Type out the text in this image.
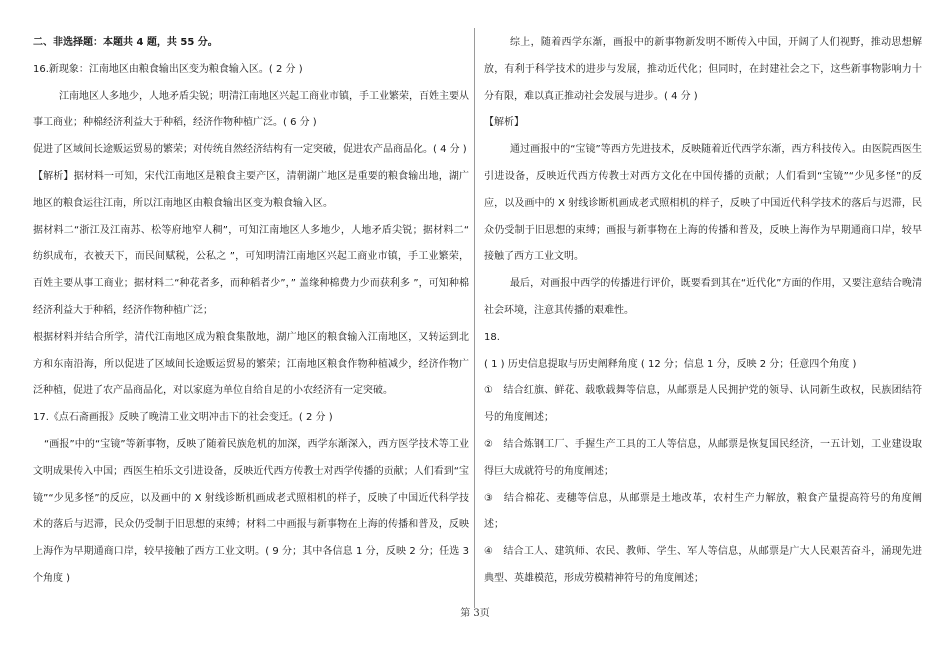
二、非选择题：本题共 4 题，共 55 分。

16.新现象：江南地区由粮食输出区变为粮食输入区。( 2 分 )

江南地区人多地少，人地矛盾尖锐；明清江南地区兴起工商业市镇，手工业繁荣，百姓主要从事工商业；种棉经济利益大于种稻，经济作物种植广泛。( 6 分 )

促进了区域间长途贩运贸易的繁荣；对传统自然经济结构有一定突破，促进农产品商品化。( 4 分 )

【解析】据材料一可知，宋代江南地区是粮食主要产区，清朝湖广地区是重要的粮食输出地，湖广地区的粮食运往江南，所以江南地区由粮食输出区变为粮食输入区。

据材料二“浙江及江南苏、松等府地窄人稠”，可知江南地区人多地少，人地矛盾尖锐；据材料二“ 纺织成布，衣被天下，而民间赋税，公私之 ”，可知明清江南地区兴起工商业市镇，手工业繁荣，百姓主要从事工商业；据材料二“种花者多，而种稻者少”，” 盖缘种棉费力少而获利多 ”，可知种棉经济利益大于种稻，经济作物种植广泛；

根据材料并结合所学，清代江南地区成为粮食集散地，湖广地区的粮食输入江南地区，又转运到北方和东南沿海，所以促进了区域间长途贩运贸易的繁荣；江南地区粮食作物种植减少，经济作物广泛种植，促进了农产品商品化，对以家庭为单位自给自足的小农经济有一定突破。

17.《点石斋画报》反映了晚清工业文明冲击下的社会变迁。( 2 分 )

“画报”中的“宝镜”等新事物，反映了随着民族危机的加深，西学东渐深入，西方医学技术等工业文明成果传入中国；西医生柏乐文引进设备，反映近代西方传教士对西学传播的贡献；人们看到“宝镜”“少见多怪”的反应，以及画中的 X 射线诊断机画成老式照相机的样子，反映了中国近代科学技术的落后与迟滞，民众仍受制于旧思想的束缚；材料二中画报与新事物在上海的传播和普及，反映上海作为早期通商口岸，较早接触了西方工业文明。( 9 分；其中各信息 1 分，反映 2 分；任选 3 个角度 )

综上，随着西学东渐，画报中的新事物新发明不断传入中国，开阔了人们视野，推动思想解放，有利于科学技术的进步与发展，推动近代化；但同时，在封建社会之下，这些新事物影响力十分有限，难以真正推动社会发展与进步。( 4 分 )

【解析】

通过画报中的“宝镜”等西方先进技术，反映随着近代西学东渐，西方科技传入。由医院西医生引进设备，反映近代西方传教士对西方文化在中国传播的贡献；人们看到“宝镜”“少见多怪”的反应，以及画中的 X 射线诊断机画成老式照相机的样子，反映了中国近代科学技术的落后与迟滞，民众仍受制于旧思想的束缚；画报与新事物在上海的传播和普及，反映上海作为早期通商口岸，较早接触了西方工业文明。

最后，对画报中西学的传播进行评价，既要看到其在“近代化”方面的作用，又要注意结合晚清社会环境，注意其传播的艰难性。

18.

( 1 ) 历史信息提取与历史阐释角度 ( 12 分；信息 1 分，反映 2 分；任意四个角度 )

①　结合红旗、鲜花、载歌载舞等信息，从邮票是人民拥护党的领导、认同新生政权，民族团结符号的角度阐述；

②　结合炼钢工厂、手握生产工具的工人等信息，从邮票是恢复国民经济，一五计划，工业建设取得巨大成就符号的角度阐述；

③　结合棉花、麦穗等信息，从邮票是土地改革，农村生产力解放，粮食产量提高符号的角度阐述；

④　结合工人、建筑师、农民、教师、学生、军人等信息，从邮票是广大人民艰苦奋斗，涌现先进典型、英雄模范，形成劳模精神符号的角度阐述；

第 3页
